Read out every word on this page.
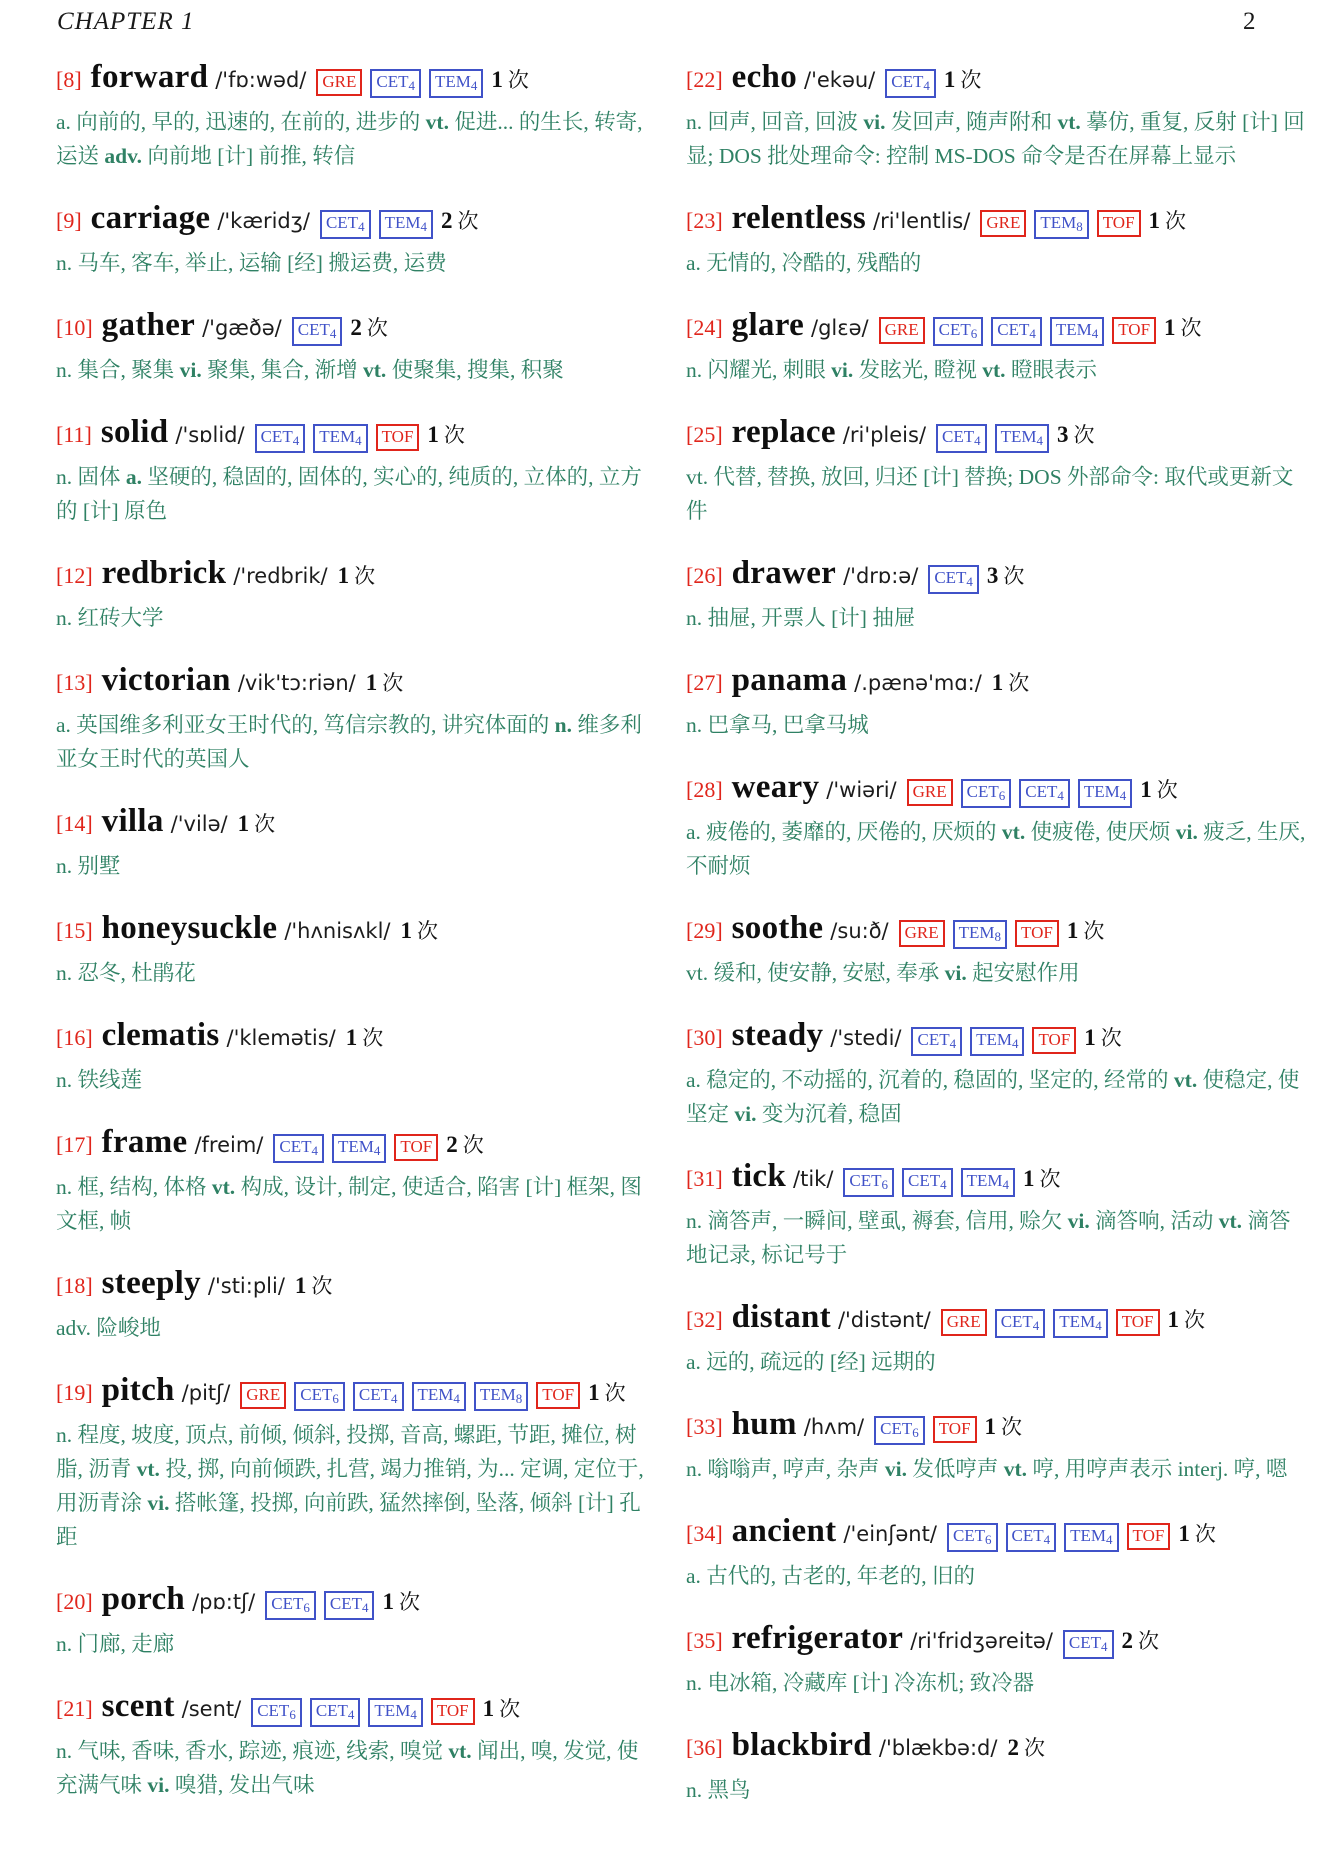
CHAPTER 1	2
[8] forward /'fɒ:wəd/ GRE CET4 TEM4 1 次
a. 向前的, 早的, 迅速的, 在前的, 进步的 vt. 促进... 的生长, 转寄, 运送 adv. 向前地 [计] 前推, 转信
[9] carriage /'kæridʒ/ CET4 TEM4 2 次
n. 马车, 客车, 举止, 运输 [经] 搬运费, 运费
[10] gather /'gæðə/ CET4 2 次
n. 集合, 聚集 vi. 聚集, 集合, 渐增 vt. 使聚集, 搜集, 积聚
[11] solid /'sɒlid/ CET4 TEM4 TOF 1 次
n. 固体 a. 坚硬的, 稳固的, 固体的, 实心的, 纯质的, 立体的, 立方的 [计] 原色
[12] redbrick /'redbrik/ 1 次
n. 红砖大学
[13] victorian /vik'tɔ:riən/ 1 次
a. 英国维多利亚女王时代的, 笃信宗教的, 讲究体面的 n. 维多利亚女王时代的英国人
[14] villa /'vilə/ 1 次
n. 别墅
[15] honeysuckle /'hʌnisʌkl/ 1 次
n. 忍冬, 杜鹃花
[16] clematis /'klemətis/ 1 次
n. 铁线莲
[17] frame /freim/ CET4 TEM4 TOF 2 次
n. 框, 结构, 体格 vt. 构成, 设计, 制定, 使适合, 陷害 [计] 框架, 图文框, 帧
[18] steeply /'sti:pli/ 1 次
adv. 险峻地
[19] pitch /pitʃ/ GRE CET6 CET4 TEM4 TEM8 TOF 1 次
n. 程度, 坡度, 顶点, 前倾, 倾斜, 投掷, 音高, 螺距, 节距, 摊位, 树脂, 沥青 vt. 投, 掷, 向前倾跌, 扎营, 竭力推销, 为... 定调, 定位于, 用沥青涂 vi. 搭帐篷, 投掷, 向前跌, 猛然摔倒, 坠落, 倾斜 [计] 孔距
[20] porch /pɒ:tʃ/ CET6 CET4 1 次
n. 门廊, 走廊
[21] scent /sent/ CET6 CET4 TEM4 TOF 1 次
n. 气味, 香味, 香水, 踪迹, 痕迹, 线索, 嗅觉 vt. 闻出, 嗅, 发觉, 使充满气味 vi. 嗅猎, 发出气味
[22] echo /'ekəu/ CET4 1 次
n. 回声, 回音, 回波 vi. 发回声, 随声附和 vt. 摹仿, 重复, 反射 [计] 回显; DOS 批处理命令: 控制 MS-DOS 命令是否在屏幕上显示
[23] relentless /ri'lentlis/ GRE TEM8 TOF 1 次
a. 无情的, 冷酷的, 残酷的
[24] glare /glɛə/ GRE CET6 CET4 TEM4 TOF 1 次
n. 闪耀光, 刺眼 vi. 发眩光, 瞪视 vt. 瞪眼表示
[25] replace /ri'pleis/ CET4 TEM4 3 次
vt. 代替, 替换, 放回, 归还 [计] 替换; DOS 外部命令: 取代或更新文件
[26] drawer /'drɒ:ə/ CET4 3 次
n. 抽屉, 开票人 [计] 抽屉
[27] panama /.pænə'mɑ:/ 1 次
n. 巴拿马, 巴拿马城
[28] weary /'wiəri/ GRE CET6 CET4 TEM4 1 次
a. 疲倦的, 萎靡的, 厌倦的, 厌烦的 vt. 使疲倦, 使厌烦 vi. 疲乏, 生厌, 不耐烦
[29] soothe /su:ð/ GRE TEM8 TOF 1 次
vt. 缓和, 使安静, 安慰, 奉承 vi. 起安慰作用
[30] steady /'stedi/ CET4 TEM4 TOF 1 次
a. 稳定的, 不动摇的, 沉着的, 稳固的, 坚定的, 经常的 vt. 使稳定, 使坚定 vi. 变为沉着, 稳固
[31] tick /tik/ CET6 CET4 TEM4 1 次
n. 滴答声, 一瞬间, 壁虱, 褥套, 信用, 赊欠 vi. 滴答响, 活动 vt. 滴答地记录, 标记号于
[32] distant /'distənt/ GRE CET4 TEM4 TOF 1 次
a. 远的, 疏远的 [经] 远期的
[33] hum /hʌm/ CET6 TOF 1 次
n. 嗡嗡声, 哼声, 杂声 vi. 发低哼声 vt. 哼, 用哼声表示 interj. 哼, 嗯
[34] ancient /'einʃənt/ CET6 CET4 TEM4 TOF 1 次
a. 古代的, 古老的, 年老的, 旧的
[35] refrigerator /ri'fridʒəreitə/ CET4 2 次
n. 电冰箱, 冷藏库 [计] 冷冻机; 致冷器
[36] blackbird /'blækbə:d/ 2 次
n. 黑鸟
